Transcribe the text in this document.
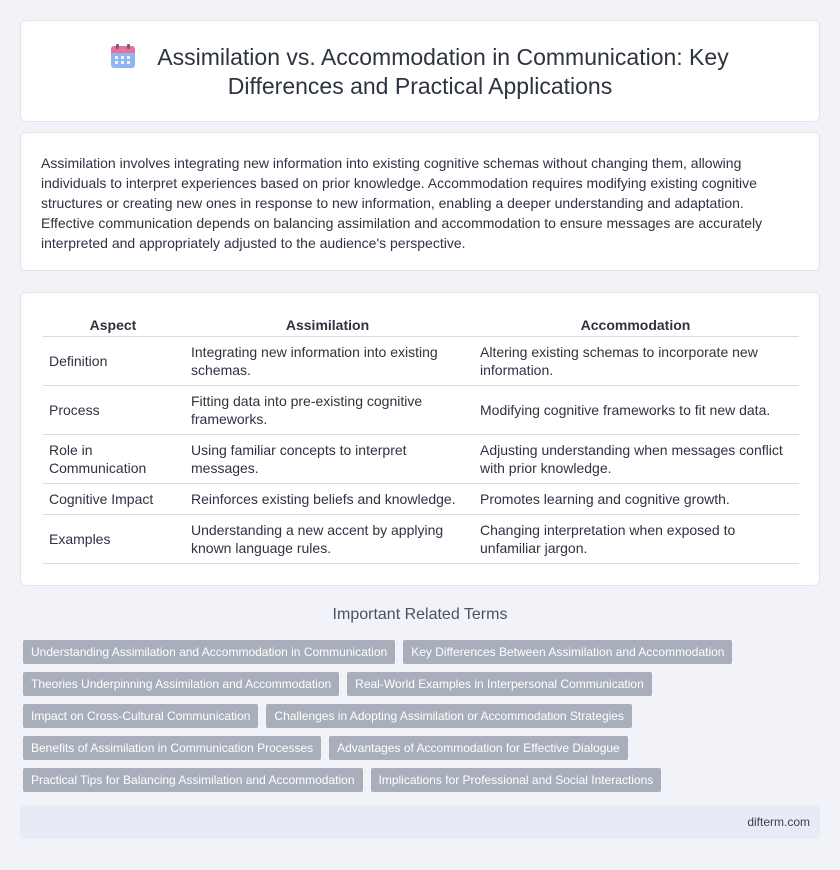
Assimilation vs. Accommodation in Communication: Key
Differences and Practical Applications

Assimilation involves integrating new information into existing cognitive schemas without changing them, allowing individuals to interpret experiences based on prior knowledge. Accommodation requires modifying existing cognitive structures or creating new ones in response to new information, enabling a deeper understanding and adaptation. Effective communication depends on balancing assimilation and accommodation to ensure messages are accurately interpreted and appropriately adjusted to the audience's perspective.

Aspect	Assimilation	Accommodation
Definition	Integrating new information into existing schemas.	Altering existing schemas to incorporate new information.
Process	Fitting data into pre-existing cognitive frameworks.	Modifying cognitive frameworks to fit new data.
Role in Communication	Using familiar concepts to interpret messages.	Adjusting understanding when messages conflict with prior knowledge.
Cognitive Impact	Reinforces existing beliefs and knowledge.	Promotes learning and cognitive growth.
Examples	Understanding a new accent by applying known language rules.	Changing interpretation when exposed to unfamiliar jargon.
Important Related Terms
Understanding Assimilation and Accommodation in Communication	Key Differences Between Assimilation and Accommodation
Theories Underpinning Assimilation and Accommodation	Real-World Examples in Interpersonal Communication
Impact on Cross-Cultural Communication	Challenges in Adopting Assimilation or Accommodation Strategies
Benefits of Assimilation in Communication Processes	Advantages of Accommodation for Effective Dialogue
Practical Tips for Balancing Assimilation and Accommodation	Implications for Professional and Social Interactions
difterm.com
